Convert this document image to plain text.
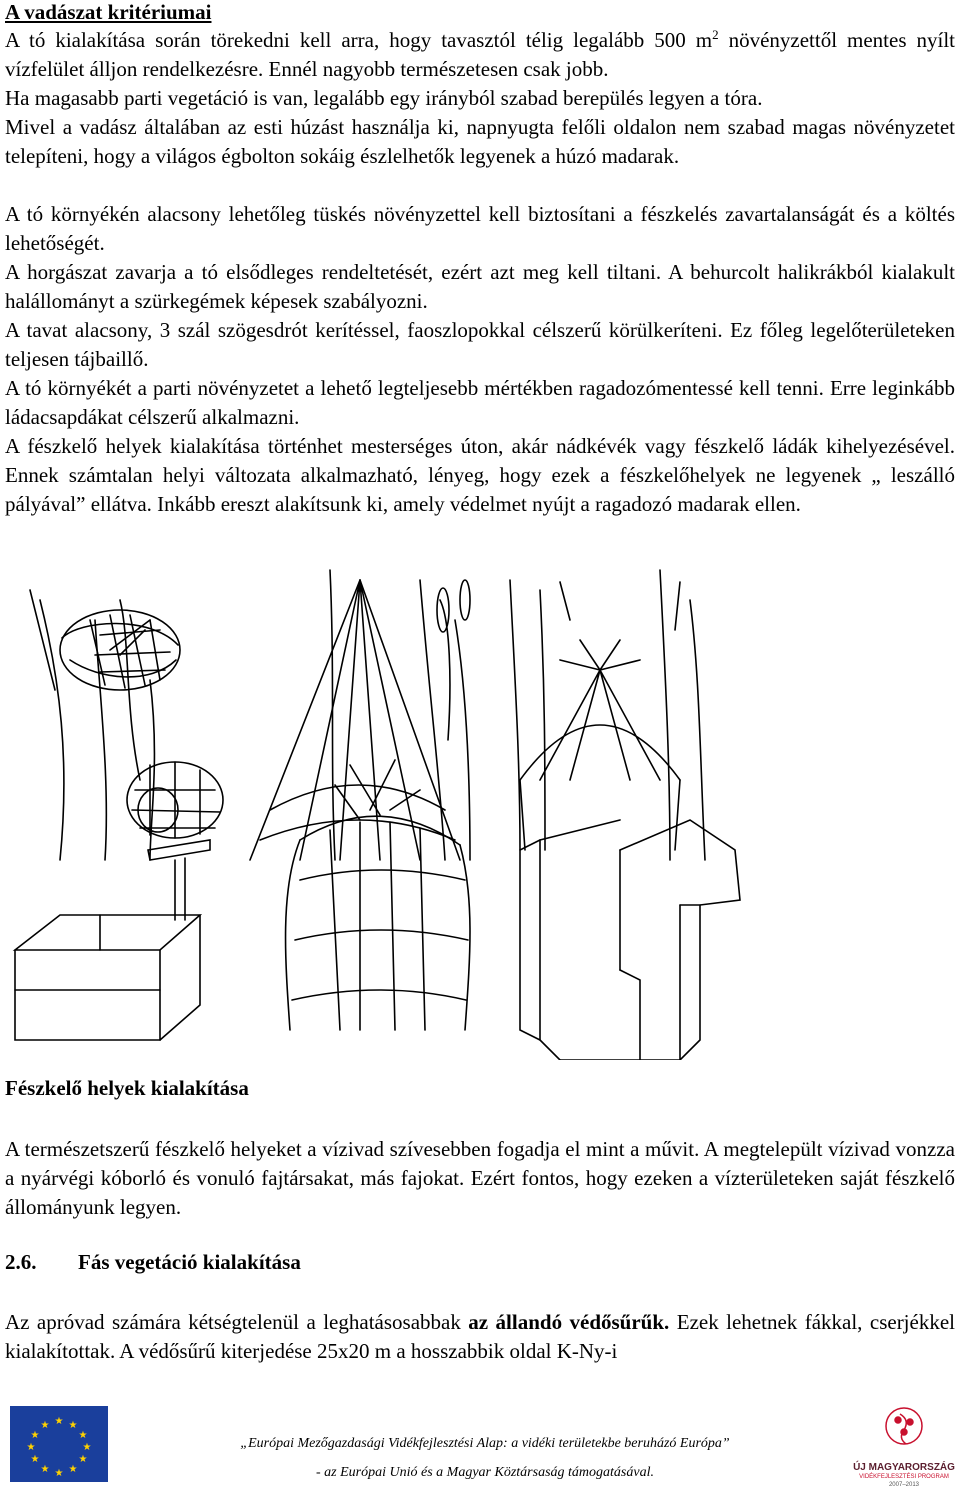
A vadászat kritériumai

A tó kialakítása során törekedni kell arra, hogy tavasztól télig legalább 500 $m^2$ növényzettől mentes nyílt vízfelület álljon rendelkezésre. Ennél nagyobb természetesen csak jobb.

Ha magasabb parti vegetáció is van, legalább egy irányból szabad berepülés legyen a tóra.

Mivel a vadász általában az esti húzást használja ki, napnyugta felőli oldalon nem szabad magas növényzetet telepíteni, hogy a világos égbolton sokáig észlelhetők legyenek a húzó madarak.

A tó környékén alacsony lehetőleg tüskés növényzettel kell biztosítani a fészkelés zavartalanságát és a költés lehetőségét.

A horgászat zavarja a tó elsődleges rendeltetését, ezért azt meg kell tiltani. A behurcolt halikrákból kialakult halállományt a szürkegémek képesek szabályozni.

A tavat alacsony, 3 szál szögesdrót kerítéssel, faoszlopokkal célszerű körülkeríteni. Ez főleg legelőterületeken teljesen tájbaillő.

A tó környékét a parti növényzetet a lehető legteljesebb mértékben ragadozómentessé kell tenni. Erre leginkább ládacsapdákat célszerű alkalmazni.

A fészkelő helyek kialakítása történhet mesterséges úton, akár nádkévék vagy fészkelő ládák kihelyezésével. Ennek számtalan helyi változata alkalmazható, lényeg, hogy ezek a fészkelőhelyek ne legyenek „ leszálló pályával” ellátva. Inkább ereszt alakítsunk ki, amely védelmet nyújt a ragadozó madarak ellen.

Fészkelő helyek kialakítása

A természetszerű fészkelő helyeket a vízivad szívesebben fogadja el mint a művit. A megtelepült vízivad vonzza a nyárvégi kóborló és vonuló fajtársakat, más fajokat. Ezért fontos, hogy ezeken a vízterületeken saját fészkelő állományunk legyen.

2.6. Fás vegetáció kialakítása

Az apróvad számára kétségtelenül a leghatásosabbak az állandó védősűrűk. Ezek lehetnek fákkal, cserjékkel kialakítottak. A védősűrű kiterjedése 25x20 m a hosszabbik oldal K-Ny-i

★ ★
★
★
★
★
★
★
★
★
★
★
„Európai Mezőgazdasági Vidékfejlesztési Alap: a vidéki területekbe beruházó Európa”
- az Európai Unió és a Magyar Köztársaság támogatásával.	ÚJ MAGYARORSZÁG
VIDÉKFEJLESZTÉSI PROGRAM
2007–2013
